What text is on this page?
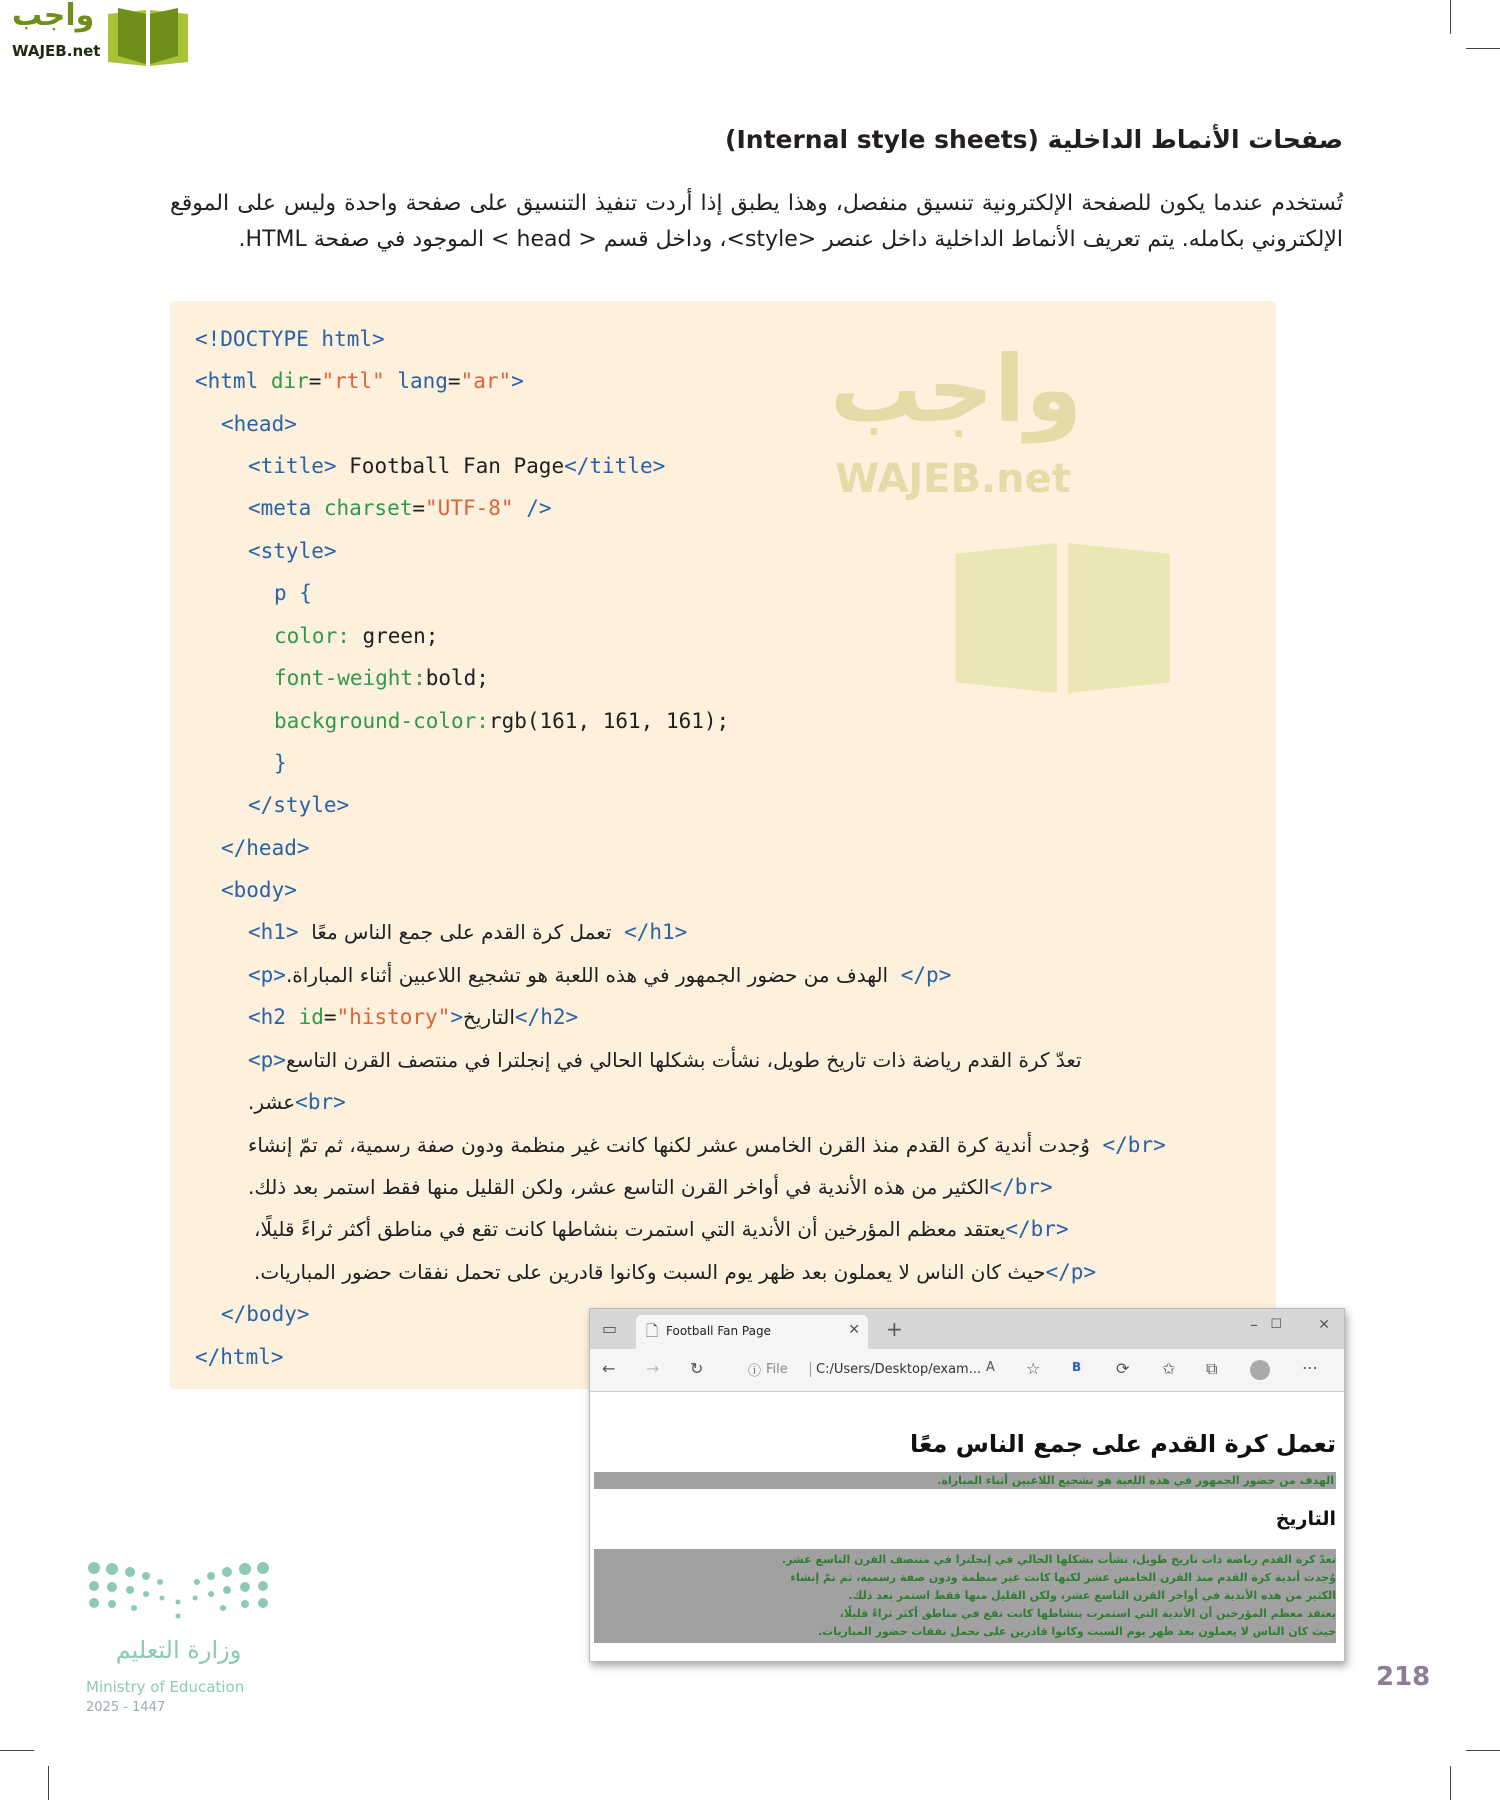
واجب
WAJEB.net
صفحات الأنماط الداخلية (Internal style sheets)
تُستخدم عندما يكون للصفحة الإلكترونية تنسيق منفصل، وهذا يطبق إذا أردت تنفيذ التنسيق على صفحة واحدة وليس على الموقع الإلكتروني بكامله. يتم تعريف الأنماط الداخلية داخل عنصر <style>، وداخل قسم < head > الموجود في صفحة HTML.
واجب
WAJEB.net
<!DOCTYPE html>
<html dir="rtl" lang="ar">
<head>
<title> Football Fan Page</title>
<meta charset="UTF-8" />
<style>
p {
color: green;
font-weight:bold;
background-color:rgb(161, 161, 161);
}
</style>
</head>
<body>
<h1> تعمل كرة القدم على جمع الناس معًا </h1>
<p>الهدف من حضور الجمهور في هذه اللعبة هو تشجيع اللاعبين أثناء المباراة. </p>
<h2 id="history">التاريخ</h2>
<p>تعدّ كرة القدم رياضة ذات تاريخ طويل، نشأت بشكلها الحالي في إنجلترا في منتصف القرن التاسع
عشر.<br>
وُجدت أندية كرة القدم منذ القرن الخامس عشر لكنها كانت غير منظمة ودون صفة رسمية، ثم تمّ إنشاء </br>
الكثير من هذه الأندية في أواخر القرن التاسع عشر، ولكن القليل منها فقط استمر بعد ذلك.</br>
يعتقد معظم المؤرخين أن الأندية التي استمرت بنشاطها كانت تقع في مناطق أكثر ثراءً قليلًا،</br>
حيث كان الناس لا يعملون بعد ظهر يوم السبت وكانوا قادرين على تحمل نفقات حضور المباريات.</p>
</body>
</html>
▭ 🗋 Football Fan Page	✕ +	– ☐	✕
← → ↻	ⓘ File	C:/Users/Desktop/exam... A ☆	B ⟳ ✩ ⧉	⋯
تعمل كرة القدم على جمع الناس معًا
الهدف من حضور الجمهور في هذه اللعبة هو تشجيع اللاعبين أثناء المباراة.
التاريخ
تعدّ كرة القدم رياضة ذات تاريخ طويل، نشأت بشكلها الحالي في إنجلترا في منتصف القرن التاسع عشر.
وُجدت أندية كرة القدم منذ القرن الخامس عشر لكنها كانت غير منظمة ودون صفة رسمية، ثم تمّ إنشاء
الكثير من هذه الأندية في أواخر القرن التاسع عشر، ولكن القليل منها فقط استمر بعد ذلك.
يعتقد معظم المؤرخين أن الأندية التي استمرت بنشاطها كانت تقع في مناطق أكثر ثراءً قليلًا،
حيث كان الناس لا يعملون بعد ظهر يوم السبت وكانوا قادرين على تحمل نفقات حضور المباريات.
وزارة التعليم
Ministry of Education
2025 - 1447
218
